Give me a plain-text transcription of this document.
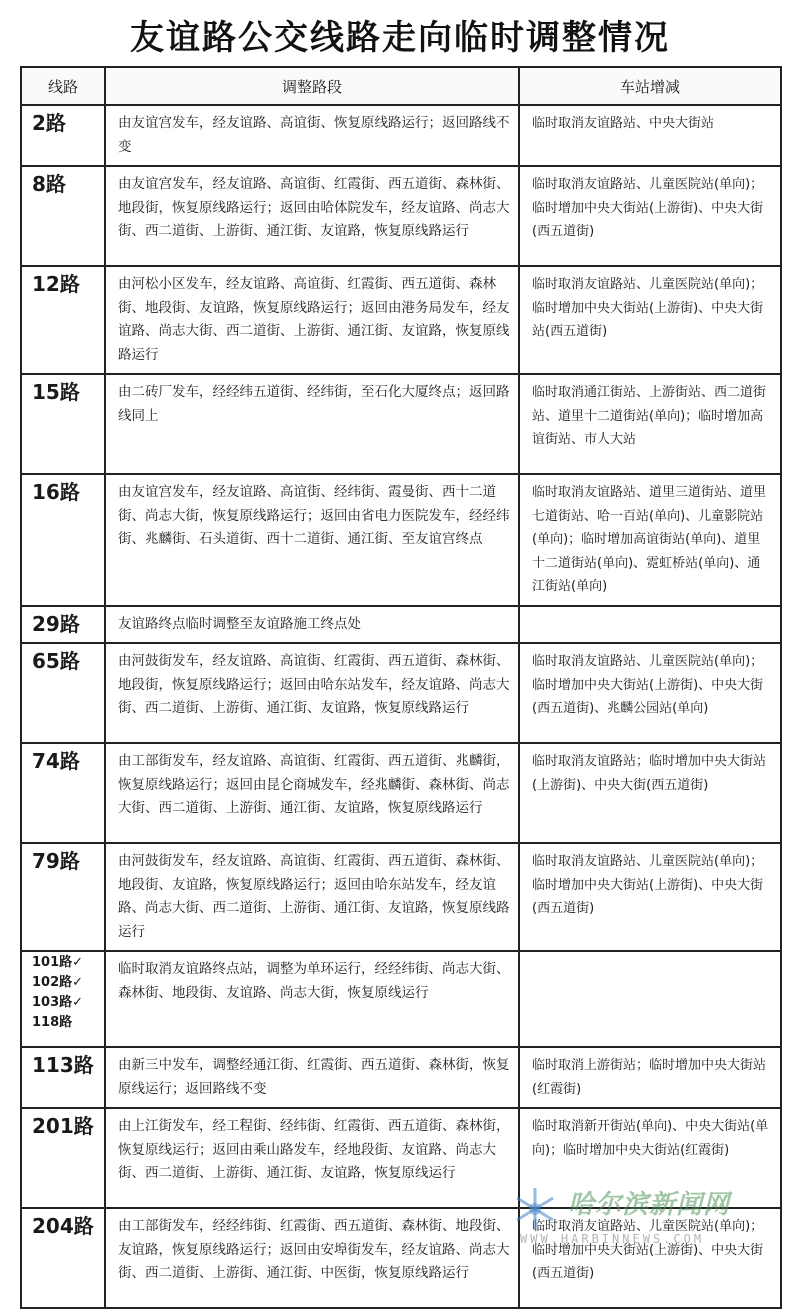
友谊路公交线路走向临时调整情况
线路	调整路段	车站增减
2路	由友谊宫发车，经友谊路、高谊街、恢复原线路运行；返回路线不变	临时取消友谊路站、中央大街站
8路	由友谊宫发车，经友谊路、高谊街、红霞街、西五道街、森林街、地段街，恢复原线路运行；返回由哈体院发车，经友谊路、尚志大街、西二道街、上游街、通江街、友谊路，恢复原线路运行	临时取消友谊路站、儿童医院站(单向)；临时增加中央大街站(上游街)、中央大街(西五道街)
12路	由河松小区发车，经友谊路、高谊街、红霞街、西五道街、森林街、地段街、友谊路，恢复原线路运行；返回由港务局发车，经友谊路、尚志大街、西二道街、上游街、通江街、友谊路，恢复原线路运行	临时取消友谊路站、儿童医院站(单向)；临时增加中央大街站(上游街)、中央大街站(西五道街)
15路	由二砖厂发车，经经纬五道街、经纬街，至石化大厦终点；返回路线同上	临时取消通江街站、上游街站、西二道街站、道里十二道街站(单向)；临时增加高谊街站、市人大站
16路	由友谊宫发车，经友谊路、高谊街、经纬街、霞曼街、西十二道街、尚志大街，恢复原线路运行；返回由省电力医院发车，经经纬街、兆麟街、石头道街、西十二道街、通江街、至友谊宫终点	临时取消友谊路站、道里三道街站、道里七道街站、哈一百站(单向)、儿童影院站(单向)；临时增加高谊街站(单向)、道里十二道街站(单向)、霓虹桥站(单向)、通江街站(单向)
29路	友谊路终点临时调整至友谊路施工终点处	
65路	由河鼓街发车，经友谊路、高谊街、红霞街、西五道街、森林街、地段街，恢复原线路运行；返回由哈东站发车，经友谊路、尚志大街、西二道街、上游街、通江街、友谊路，恢复原线路运行	临时取消友谊路站、儿童医院站(单向)；临时增加中央大街站(上游街)、中央大街(西五道街)、兆麟公园站(单向)
74路	由工部街发车，经友谊路、高谊街、红霞街、西五道街、兆麟街，恢复原线路运行；返回由昆仑商城发车，经兆麟街、森林街、尚志大街、西二道街、上游街、通江街、友谊路，恢复原线路运行	临时取消友谊路站；临时增加中央大街站(上游街)、中央大街(西五道街)
79路	由河鼓街发车，经友谊路、高谊街、红霞街、西五道街、森林街、地段街、友谊路，恢复原线路运行；返回由哈东站发车，经友谊路、尚志大街、西二道街、上游街、通江街、友谊路，恢复原线路运行	临时取消友谊路站、儿童医院站(单向)；临时增加中央大街站(上游街)、中央大街(西五道街)

101路✓ 102路✓ 103路✓ 118路	临时取消友谊路终点站，调整为单环运行，经经纬街、尚志大街、森林街、地段街、友谊路、尚志大街，恢复原线运行	
113路	由新三中发车，调整经通江街、红霞街、西五道街、森林街，恢复原线运行；返回路线不变	临时取消上游街站；临时增加中央大街站(红霞街)
201路	由上江街发车，经工程街、经纬街、红霞街、西五道街、森林街，恢复原线运行；返回由乘山路发车，经地段街、友谊路、尚志大街、西二道街、上游街、通江街、友谊路，恢复原线运行	临时取消新开街站(单向)、中央大街站(单向)；临时增加中央大街站(红霞街)
204路	由工部街发车，经经纬街、红霞街、西五道街、森林街、地段街、友谊路，恢复原线路运行；返回由安埠街发车，经友谊路、尚志大街、西二道街、上游街、通江街、中医街，恢复原线路运行	临时取消友谊路站、儿童医院站(单向)；临时增加中央大街站(上游街)、中央大街(西五道街)
哈尔滨新闻网
WWW.HARBINNEWS.COM
